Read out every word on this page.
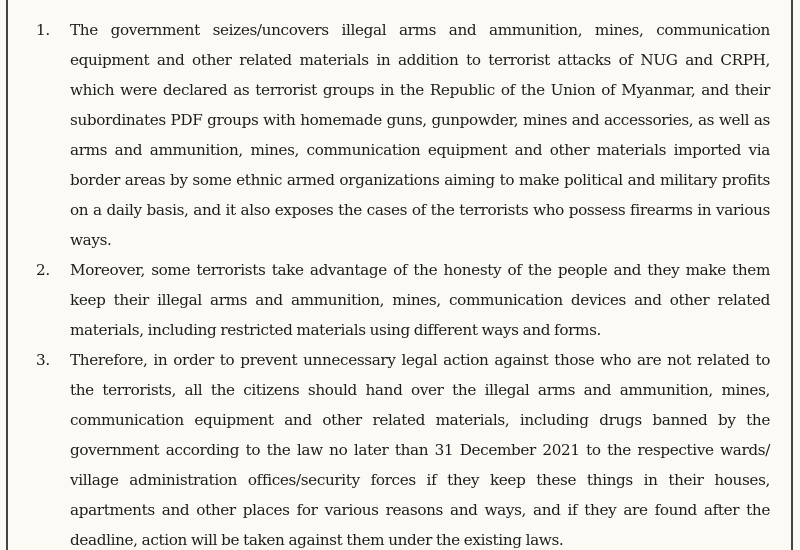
1. The government seizes/uncovers illegal arms and ammunition, mines, communication equipment and other related materials in addition to terrorist attacks of NUG and CRPH, which were declared as terrorist groups in the Republic of the Union of Myanmar, and their subordinates PDF groups with homemade guns, gunpowder, mines and accessories, as well as arms and ammunition, mines, communication equipment and other materials imported via border areas by some ethnic armed organizations aiming to make political and military profits on a daily basis, and it also exposes the cases of the terrorists who possess firearms in various ways.
2. Moreover, some terrorists take advantage of the honesty of the people and they make them keep their illegal arms and ammunition, mines, communication devices and other related materials, including restricted materials using different ways and forms.
3. Therefore, in order to prevent unnecessary legal action against those who are not related to the terrorists, all the citizens should hand over the illegal arms and ammunition, mines, communication equipment and other related materials, including drugs banned by the government according to the law no later than 31 December 2021 to the respective wards/ village administration offices/security forces if they keep these things in their houses, apartments and other places for various reasons and ways, and if they are found after the deadline, action will be taken against them under the existing laws.
